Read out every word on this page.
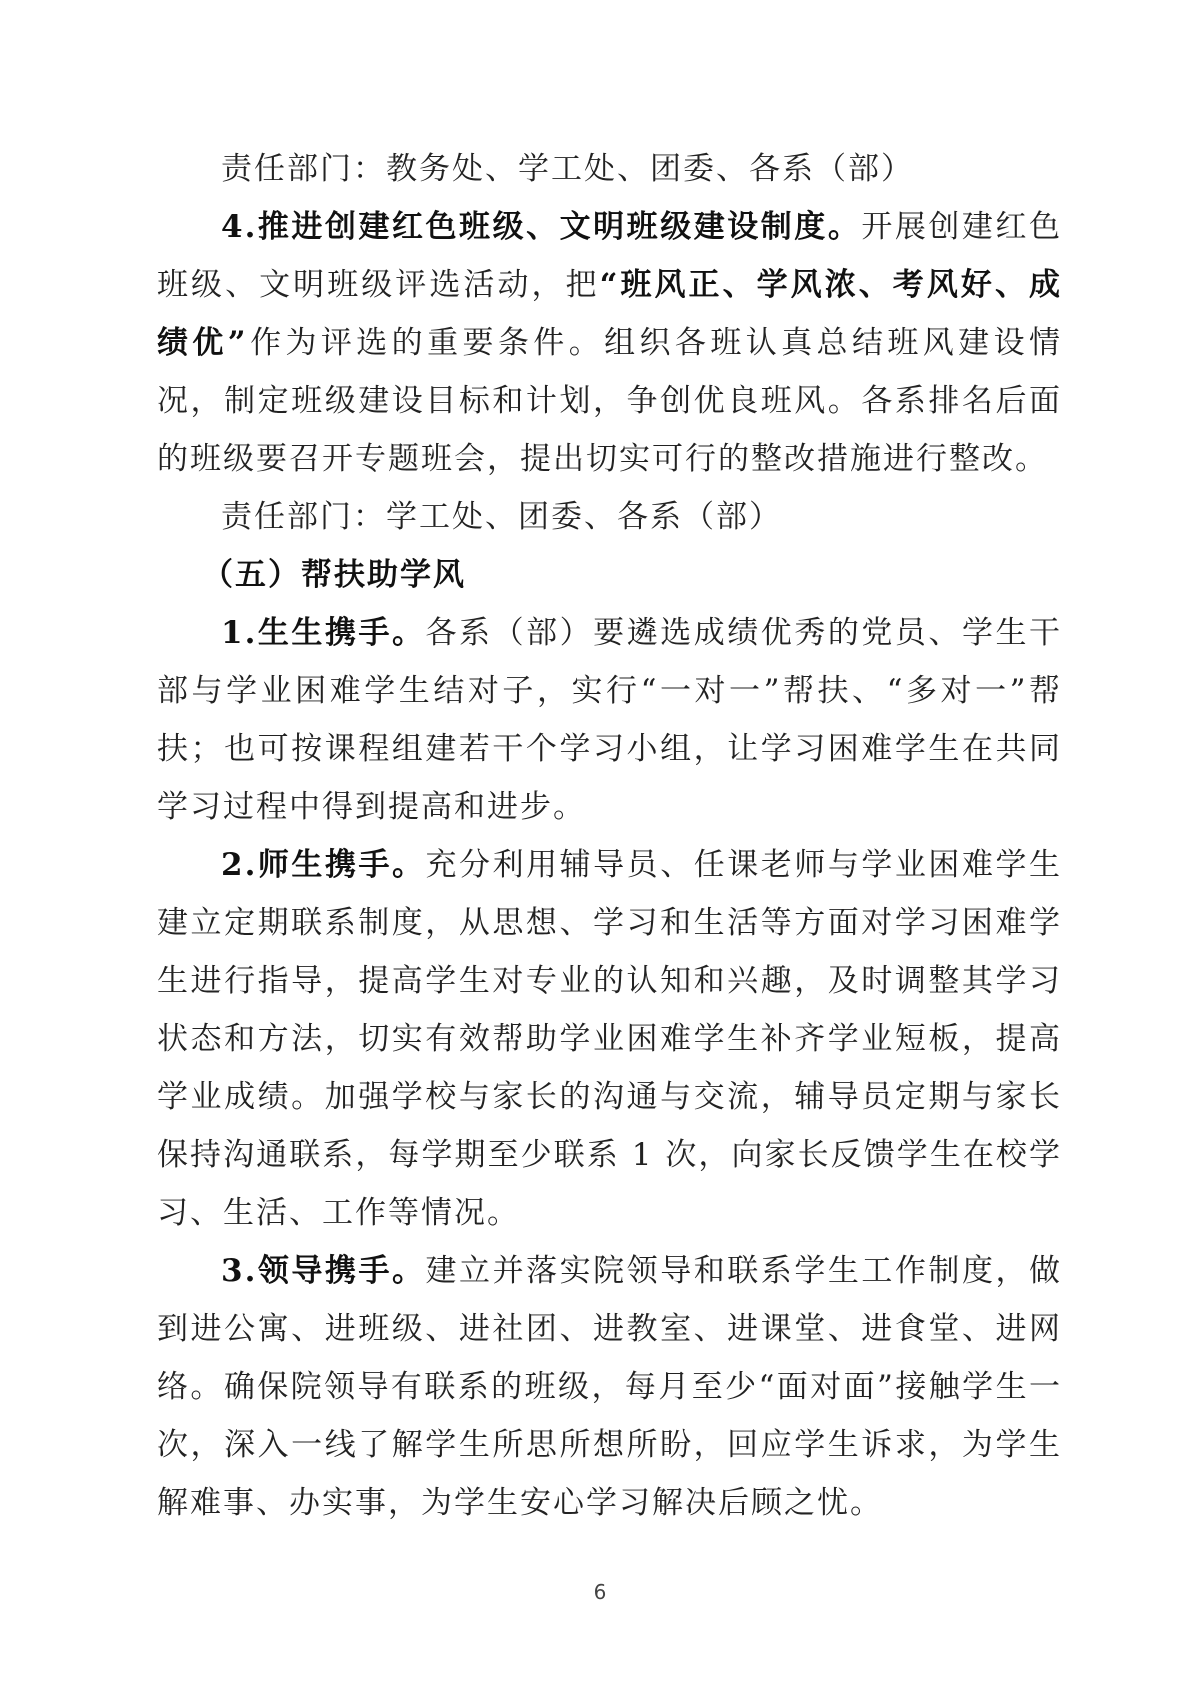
责任部门：教务处、学工处、团委、各系（部）

4.推进创建红色班级、文明班级建设制度。开展创建红色班级、文明班级评选活动，把“班风正、学风浓、考风好、成绩优”作为评选的重要条件。组织各班认真总结班风建设情况，制定班级建设目标和计划，争创优良班风。各系排名后面的班级要召开专题班会，提出切实可行的整改措施进行整改。

责任部门：学工处、团委、各系（部）

（五）帮扶助学风

1.生生携手。各系（部）要遴选成绩优秀的党员、学生干部与学业困难学生结对子，实行“一对一”帮扶、“多对一”帮扶；也可按课程组建若干个学习小组，让学习困难学生在共同学习过程中得到提高和进步。

2.师生携手。充分利用辅导员、任课老师与学业困难学生建立定期联系制度，从思想、学习和生活等方面对学习困难学生进行指导，提高学生对专业的认知和兴趣，及时调整其学习状态和方法，切实有效帮助学业困难学生补齐学业短板，提高学业成绩。加强学校与家长的沟通与交流，辅导员定期与家长保持沟通联系，每学期至少联系 1 次，向家长反馈学生在校学习、生活、工作等情况。

3.领导携手。建立并落实院领导和联系学生工作制度，做到进公寓、进班级、进社团、进教室、进课堂、进食堂、进网络。确保院领导有联系的班级，每月至少“面对面”接触学生一次，深入一线了解学生所思所想所盼，回应学生诉求，为学生解难事、办实事，为学生安心学习解决后顾之忧。

6
